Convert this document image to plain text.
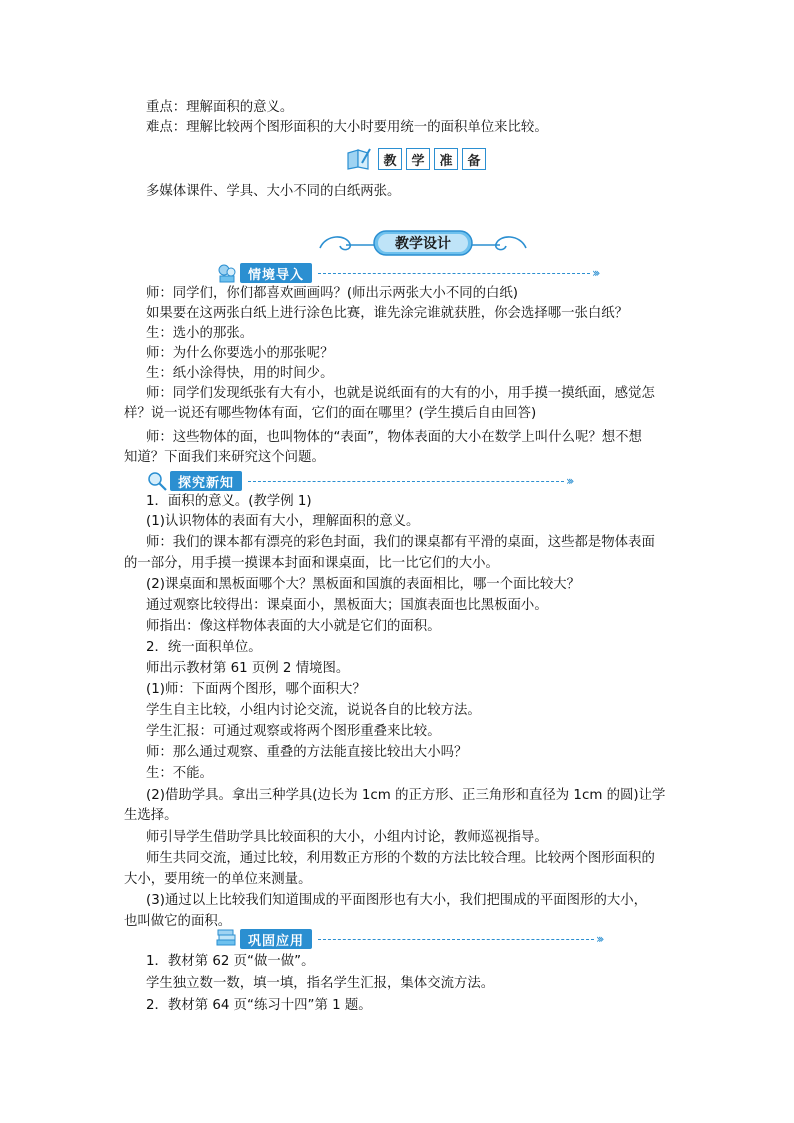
重点：理解面积的意义。
难点：理解比较两个图形面积的大小时要用统一的面积单位来比较。
教	学	准	备
多媒体课件、学具、大小不同的白纸两张。
教学设计
情境导入	›››
师：同学们，你们都喜欢画画吗？(师出示两张大小不同的白纸)
如果要在这两张白纸上进行涂色比赛，谁先涂完谁就获胜，你会选择哪一张白纸？
生：选小的那张。
师：为什么你要选小的那张呢？
生：纸小涂得快，用的时间少。
师：同学们发现纸张有大有小，也就是说纸面有的大有的小，用手摸一摸纸面，感觉怎
样？说一说还有哪些物体有面，它们的面在哪里？(学生摸后自由回答)
师：这些物体的面，也叫物体的“表面”，物体表面的大小在数学上叫什么呢？想不想
知道？下面我们来研究这个问题。
探究新知	›››
1．面积的意义。(教学例 1)
(1)认识物体的表面有大小，理解面积的意义。
师：我们的课本都有漂亮的彩色封面，我们的课桌都有平滑的桌面，这些都是物体表面
的一部分，用手摸一摸课本封面和课桌面，比一比它们的大小。
(2)课桌面和黑板面哪个大？黑板面和国旗的表面相比，哪一个面比较大？
通过观察比较得出：课桌面小，黑板面大；国旗表面也比黑板面小。
师指出：像这样物体表面的大小就是它们的面积。
2．统一面积单位。
师出示教材第 61 页例 2 情境图。
(1)师：下面两个图形，哪个面积大？
学生自主比较，小组内讨论交流，说说各自的比较方法。
学生汇报：可通过观察或将两个图形重叠来比较。
师：那么通过观察、重叠的方法能直接比较出大小吗？
生：不能。
(2)借助学具。拿出三种学具(边长为 1cm 的正方形、正三角形和直径为 1cm 的圆)让学
生选择。
师引导学生借助学具比较面积的大小，小组内讨论，教师巡视指导。
师生共同交流，通过比较，利用数正方形的个数的方法比较合理。比较两个图形面积的
大小，要用统一的单位来测量。
(3)通过以上比较我们知道围成的平面图形也有大小，我们把围成的平面图形的大小，
也叫做它的面积。
巩固应用	›››
1．教材第 62 页“做一做”。
学生独立数一数，填一填，指名学生汇报，集体交流方法。
2．教材第 64 页“练习十四”第 1 题。
